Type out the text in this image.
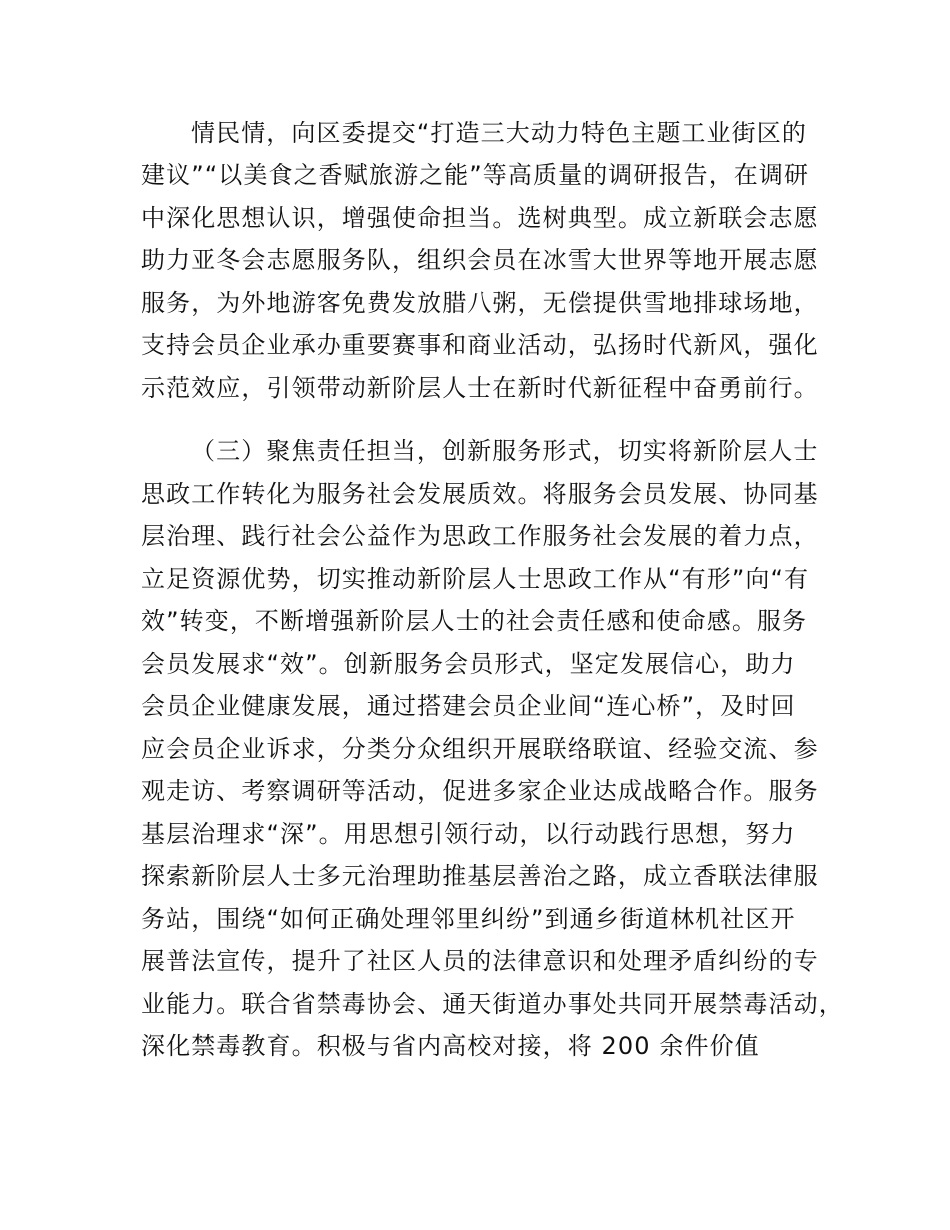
情民情，向区委提交“打造三大动力特色主题工业街区的
建议”“以美食之香赋旅游之能”等高质量的调研报告，在调研
中深化思想认识，增强使命担当。选树典型。成立新联会志愿
助力亚冬会志愿服务队，组织会员在冰雪大世界等地开展志愿
服务，为外地游客免费发放腊八粥，无偿提供雪地排球场地，
支持会员企业承办重要赛事和商业活动，弘扬时代新风，强化
示范效应，引领带动新阶层人士在新时代新征程中奋勇前行。
（三）聚焦责任担当，创新服务形式，切实将新阶层人士
思政工作转化为服务社会发展质效。将服务会员发展、协同基
层治理、践行社会公益作为思政工作服务社会发展的着力点，
立足资源优势，切实推动新阶层人士思政工作从“有形”向“有
效”转变，不断增强新阶层人士的社会责任感和使命感。服务
会员发展求“效”。创新服务会员形式，坚定发展信心，助力
会员企业健康发展，通过搭建会员企业间“连心桥”，及时回
应会员企业诉求，分类分众组织开展联络联谊、经验交流、参
观走访、考察调研等活动，促进多家企业达成战略合作。服务
基层治理求“深”。用思想引领行动，以行动践行思想，努力
探索新阶层人士多元治理助推基层善治之路，成立香联法律服
务站，围绕“如何正确处理邻里纠纷”到通乡街道林机社区开
展普法宣传，提升了社区人员的法律意识和处理矛盾纠纷的专
业能力。联合省禁毒协会、通天街道办事处共同开展禁毒活动，
深化禁毒教育。积极与省内高校对接，将 200 余件价值
